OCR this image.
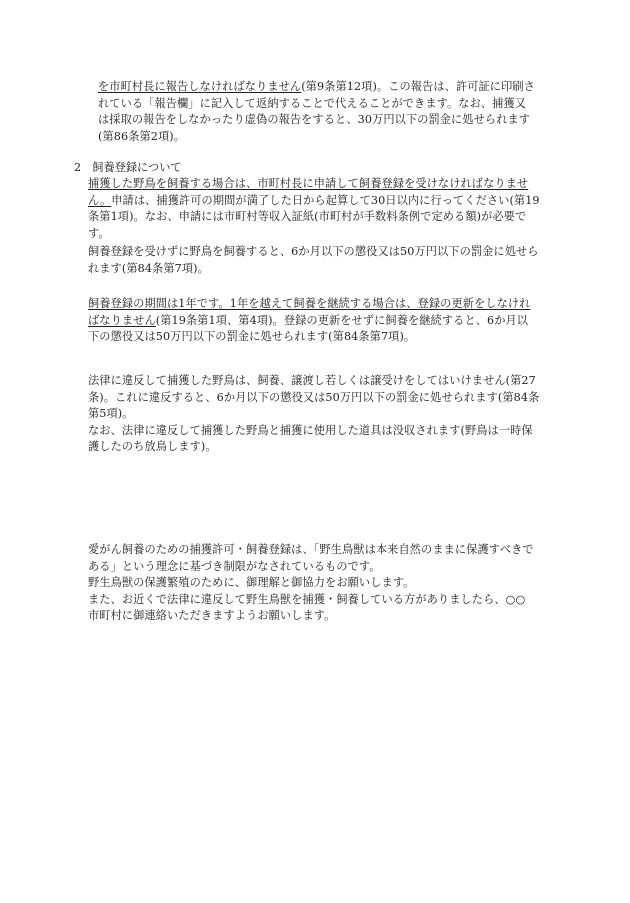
を市町村長に報告しなければなりません(第9条第12項)。この報告は、許可証に印刷さ
れている「報告欄」に記入して返納することで代えることができます。なお、捕獲又
は採取の報告をしなかったり虚偽の報告をすると、30万円以下の罰金に処せられます
(第86条第2項)。
2　飼養登録について
捕獲した野鳥を飼養する場合は、市町村長に申請して飼養登録を受けなければなりませ
ん。申請は、捕獲許可の期間が満了した日から起算して30日以内に行ってください(第19
条第1項)。なお、申請には市町村等収入証紙(市町村が手数料条例で定める額)が必要で
す。
飼養登録を受けずに野鳥を飼養すると、6か月以下の懲役又は50万円以下の罰金に処せら
れます(第84条第7項)。
飼養登録の期間は1年です。1年を越えて飼養を継続する場合は、登録の更新をしなけれ
ばなりません(第19条第1項、第4項)。登録の更新をせずに飼養を継続すると、6か月以
下の懲役又は50万円以下の罰金に処せられます(第84条第7項)。
法律に違反して捕獲した野鳥は、飼養、譲渡し若しくは譲受けをしてはいけません(第27
条)。これに違反すると、6か月以下の懲役又は50万円以下の罰金に処せられます(第84条
第5項)。
なお、法律に違反して捕獲した野鳥と捕獲に使用した道具は没収されます(野鳥は一時保
護したのち放鳥します)。
愛がん飼養のための捕獲許可・飼養登録は、「野生鳥獣は本来自然のままに保護すべきで
ある」という理念に基づき制限がなされているものです。
野生鳥獣の保護繁殖のために、御理解と御協力をお願いします。
また、お近くで法律に違反して野生鳥獣を捕獲・飼養している方がありましたら、○○
市町村に御連絡いただきますようお願いします。
